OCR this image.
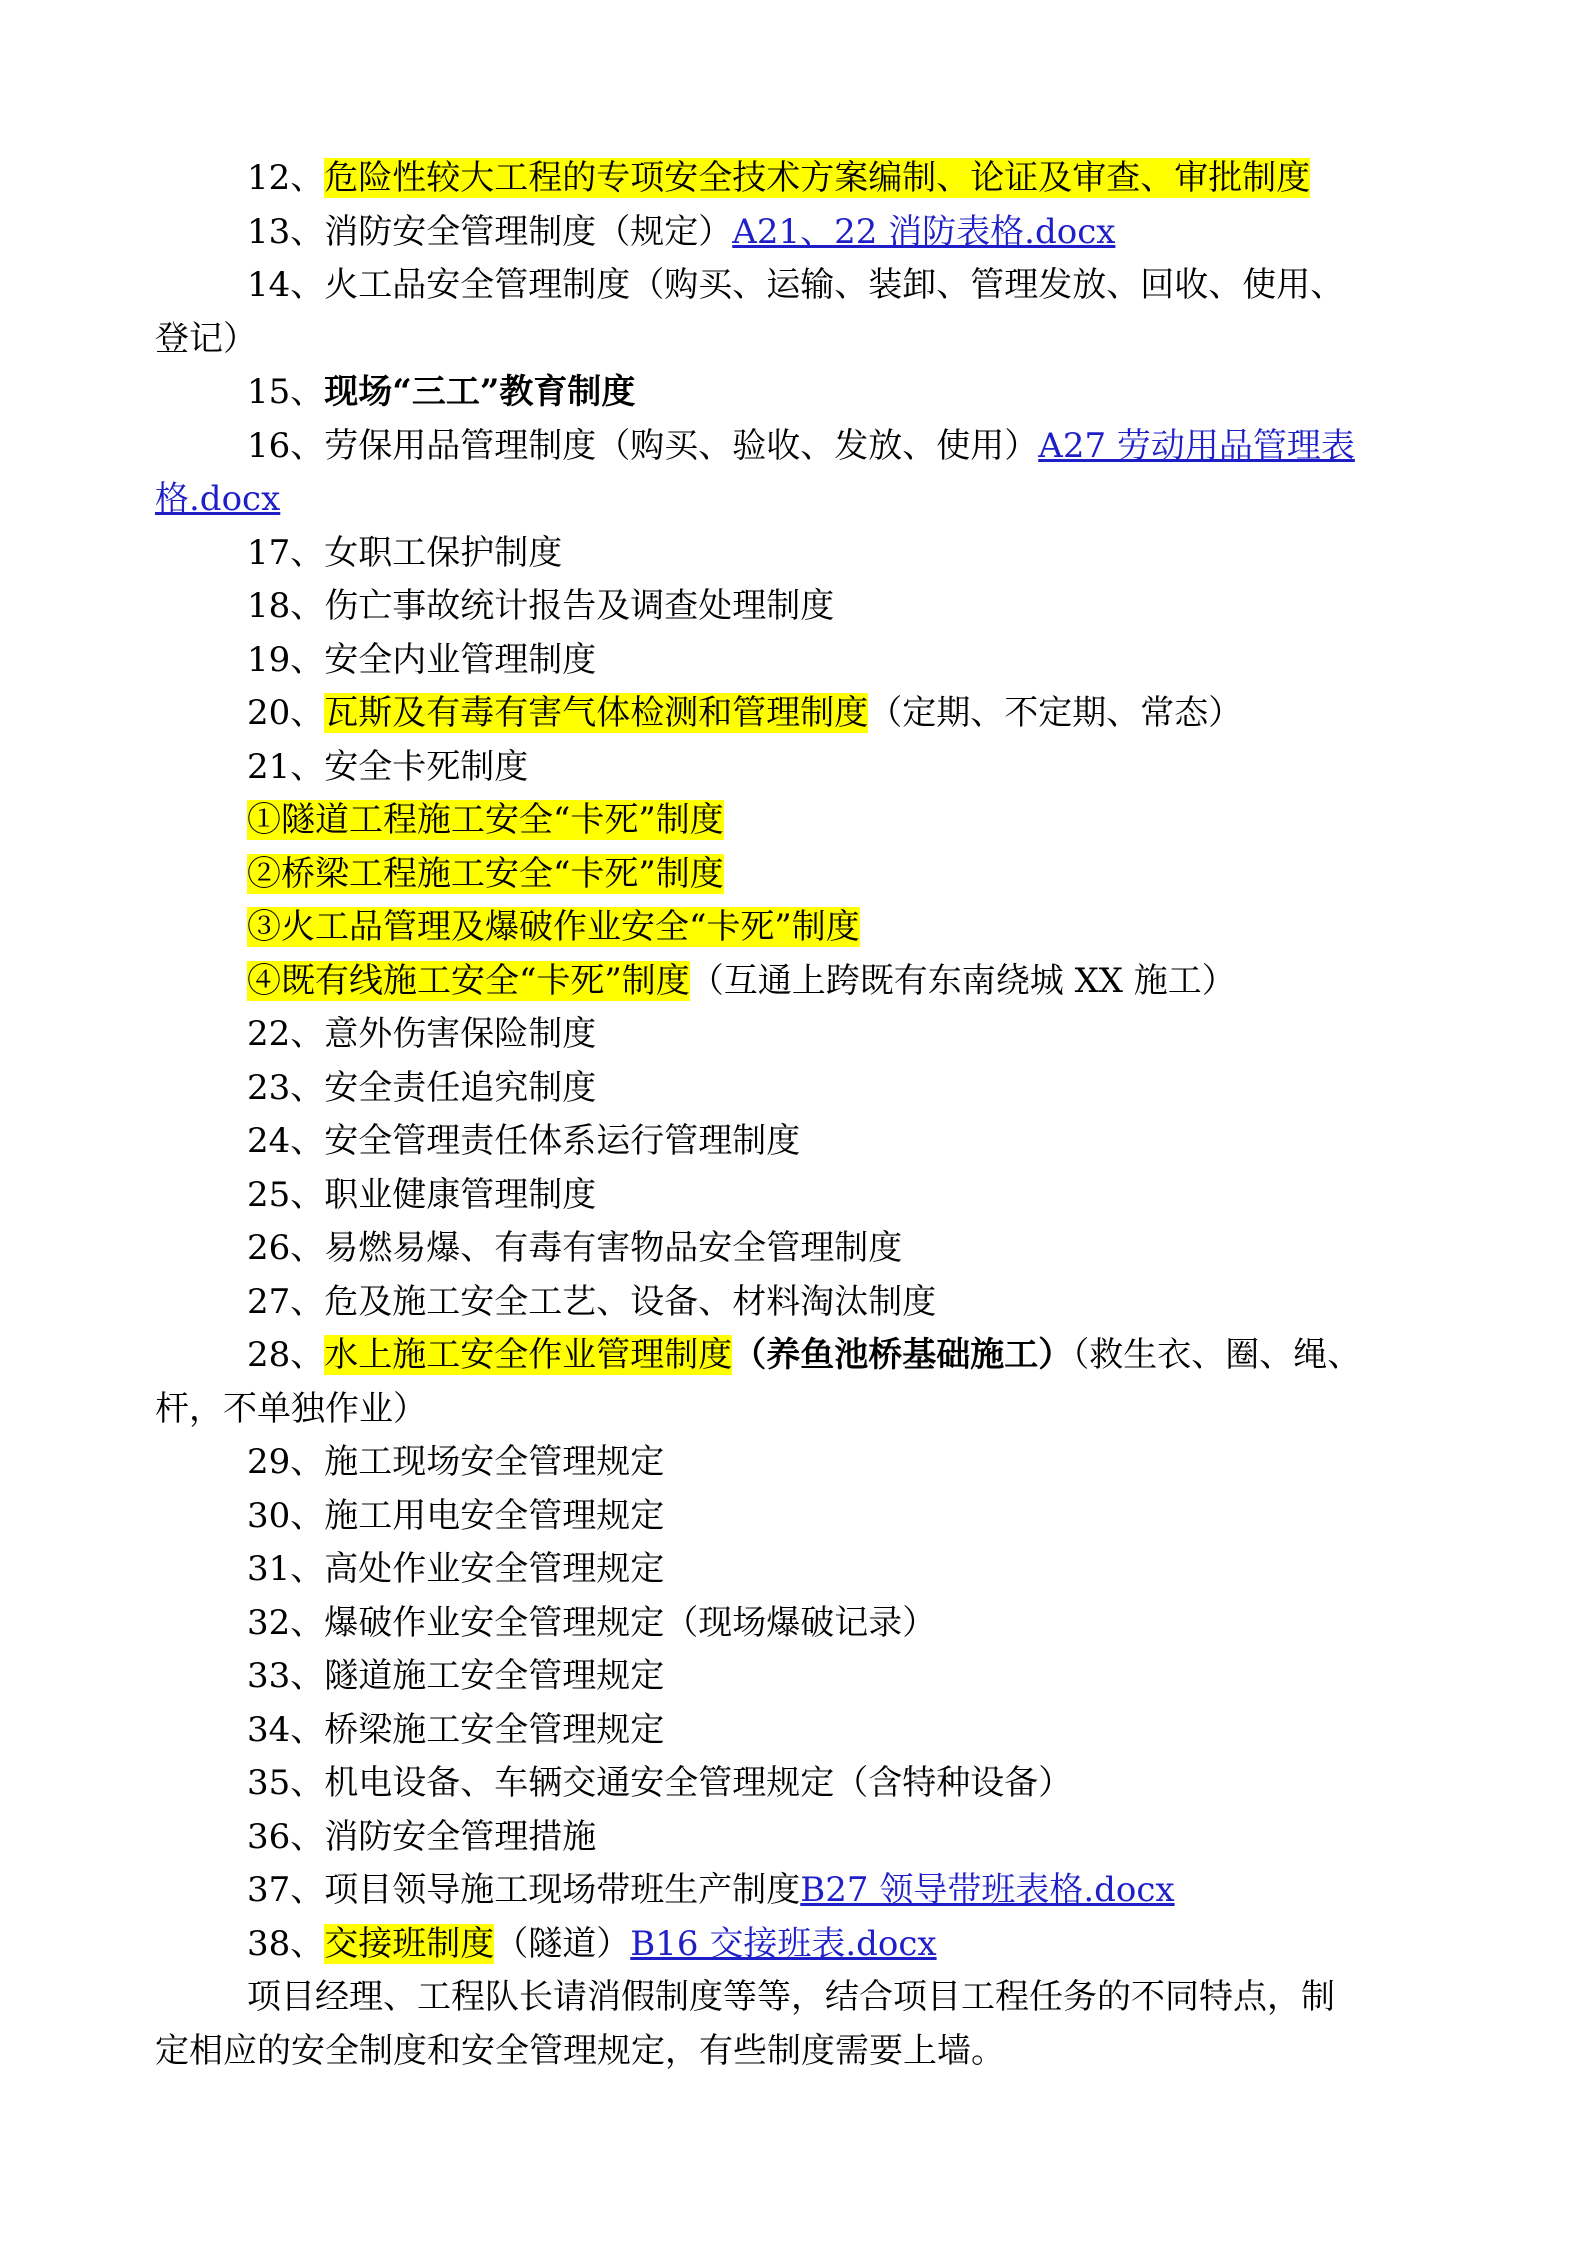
12、危险性较大工程的专项安全技术方案编制、论证及审查、审批制度
13、消防安全管理制度（规定）A21、22 消防表格.docx
14、火工品安全管理制度（购买、运输、装卸、管理发放、回收、使用、
登记）
15、现场“三工”教育制度
16、劳保用品管理制度（购买、验收、发放、使用）A27 劳动用品管理表
格.docx
17、女职工保护制度
18、伤亡事故统计报告及调查处理制度
19、安全内业管理制度
20、瓦斯及有毒有害气体检测和管理制度（定期、不定期、常态）
21、安全卡死制度
①隧道工程施工安全“卡死”制度
②桥梁工程施工安全“卡死”制度
③火工品管理及爆破作业安全“卡死”制度
④既有线施工安全“卡死”制度（互通上跨既有东南绕城 XX 施工）
22、意外伤害保险制度
23、安全责任追究制度
24、安全管理责任体系运行管理制度
25、职业健康管理制度
26、易燃易爆、有毒有害物品安全管理制度
27、危及施工安全工艺、设备、材料淘汰制度
28、水上施工安全作业管理制度（养鱼池桥基础施工）（救生衣、圈、绳、
杆，不单独作业）
29、施工现场安全管理规定
30、施工用电安全管理规定
31、高处作业安全管理规定
32、爆破作业安全管理规定（现场爆破记录）
33、隧道施工安全管理规定
34、桥梁施工安全管理规定
35、机电设备、车辆交通安全管理规定（含特种设备）
36、消防安全管理措施
37、项目领导施工现场带班生产制度B27 领导带班表格.docx
38、交接班制度（隧道）B16 交接班表.docx
项目经理、工程队长请消假制度等等，结合项目工程任务的不同特点，制
定相应的安全制度和安全管理规定，有些制度需要上墙。
